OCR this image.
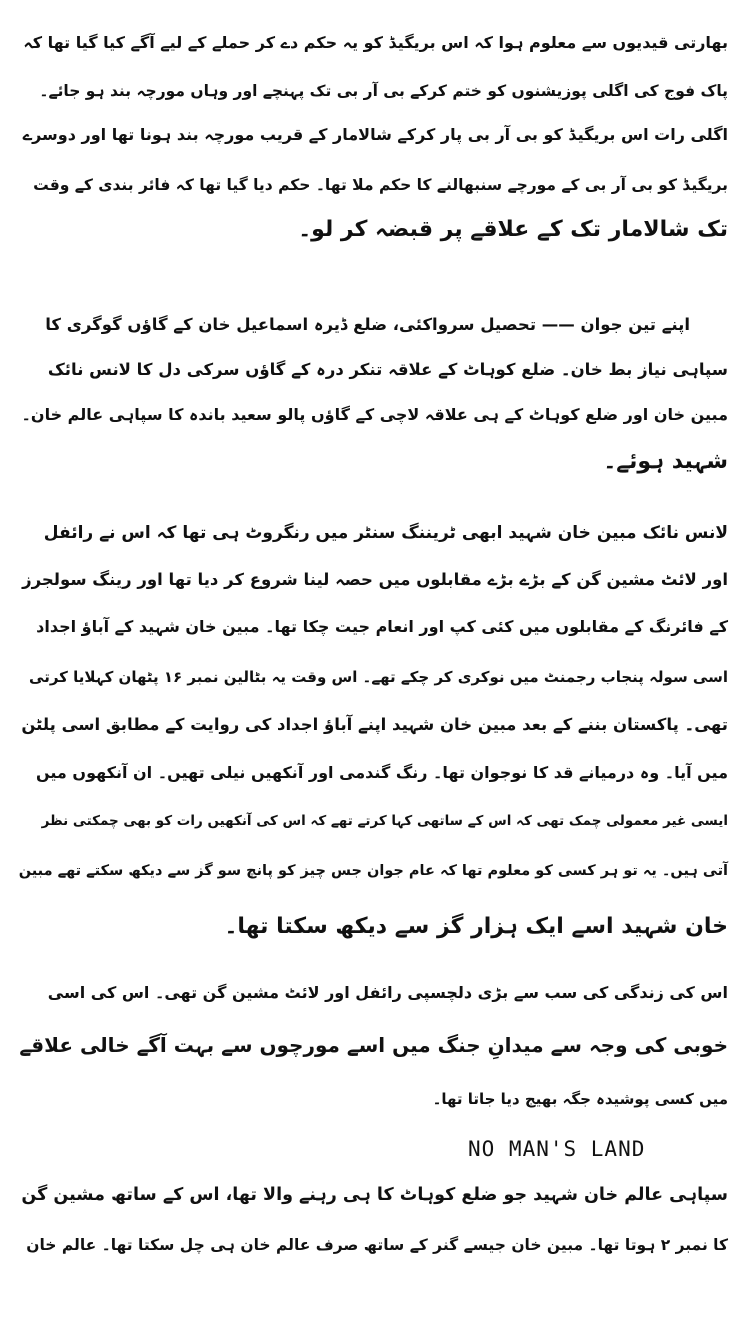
بھارتی قیدیوں سے معلوم ہوا کہ اس بریگیڈ کو یہ حکم دے کر حملے کے لیے آگے کیا گیا تھا کہ
پاک فوج کی اگلی پوزیشنوں کو ختم کرکے بی آر بی تک پہنچے اور وہاں مورچہ بند ہو جائے۔
اگلی رات اس بریگیڈ کو بی آر بی پار کرکے شالامار کے قریب مورچہ بند ہونا تھا اور دوسرے
بریگیڈ کو بی آر بی کے مورچے سنبھالنے کا حکم ملا تھا۔ حکم دیا گیا تھا کہ فائر بندی کے وقت
تک شالامار تک کے علاقے پر قبضہ کر لو۔
اپنے تین جوان —— تحصیل سرواکئی، ضلع ڈیرہ اسماعیل خان کے گاؤں گوگری کا
سپاہی نیاز بط خان۔ ضلع کوہاٹ کے علاقہ تنکر درہ کے گاؤں سرکی دل کا لانس نائک
مبین خان اور ضلع کوہاٹ کے ہی علاقہ لاچی کے گاؤں پالو سعید باندہ کا سپاہی عالم خان۔
شہید ہوئے۔
لانس نائک مبین خان شہید ابھی ٹریننگ سنٹر میں رنگروٹ ہی تھا کہ اس نے رائفل
اور لائٹ مشین گن کے بڑے بڑے مقابلوں میں حصہ لینا شروع کر دیا تھا اور رینگ سولجرز
کے فائرنگ کے مقابلوں میں کئی کپ اور انعام جیت چکا تھا۔ مبین خان شہید کے آباؤ اجداد
اسی سولہ پنجاب رجمنٹ میں نوکری کر چکے تھے۔ اس وقت یہ بٹالین نمبر ۱۶ پٹھان کہلایا کرتی
تھی۔ پاکستان بننے کے بعد مبین خان شہید اپنے آباؤ اجداد کی روایت کے مطابق اسی پلٹن
میں آیا۔ وہ درمیانے قد کا نوجوان تھا۔ رنگ گندمی اور آنکھیں نیلی تھیں۔ ان آنکھوں میں
ایسی غیر معمولی چمک تھی کہ اس کے ساتھی کہا کرتے تھے کہ اس کی آنکھیں رات کو بھی چمکتی نظر
آتی ہیں۔ یہ تو ہر کسی کو معلوم تھا کہ عام جوان جس چیز کو پانچ سو گز سے دیکھ سکتے تھے مبین
خان شہید اسے ایک ہزار گز سے دیکھ سکتا تھا۔
اس کی زندگی کی سب سے بڑی دلچسپی رائفل اور لائٹ مشین گن تھی۔ اس کی اسی
خوبی کی وجہ سے میدانِ جنگ میں اسے مورچوں سے بہت آگے خالی علاقے
میں کسی پوشیدہ جگہ بھیج دیا جاتا تھا۔
NO MAN'S LAND
سپاہی عالم خان شہید جو ضلع کوہاٹ کا ہی رہنے والا تھا، اس کے ساتھ مشین گن
کا نمبر ۲ ہوتا تھا۔ مبین خان جیسے گنر کے ساتھ صرف عالم خان ہی چل سکتا تھا۔ عالم خان
